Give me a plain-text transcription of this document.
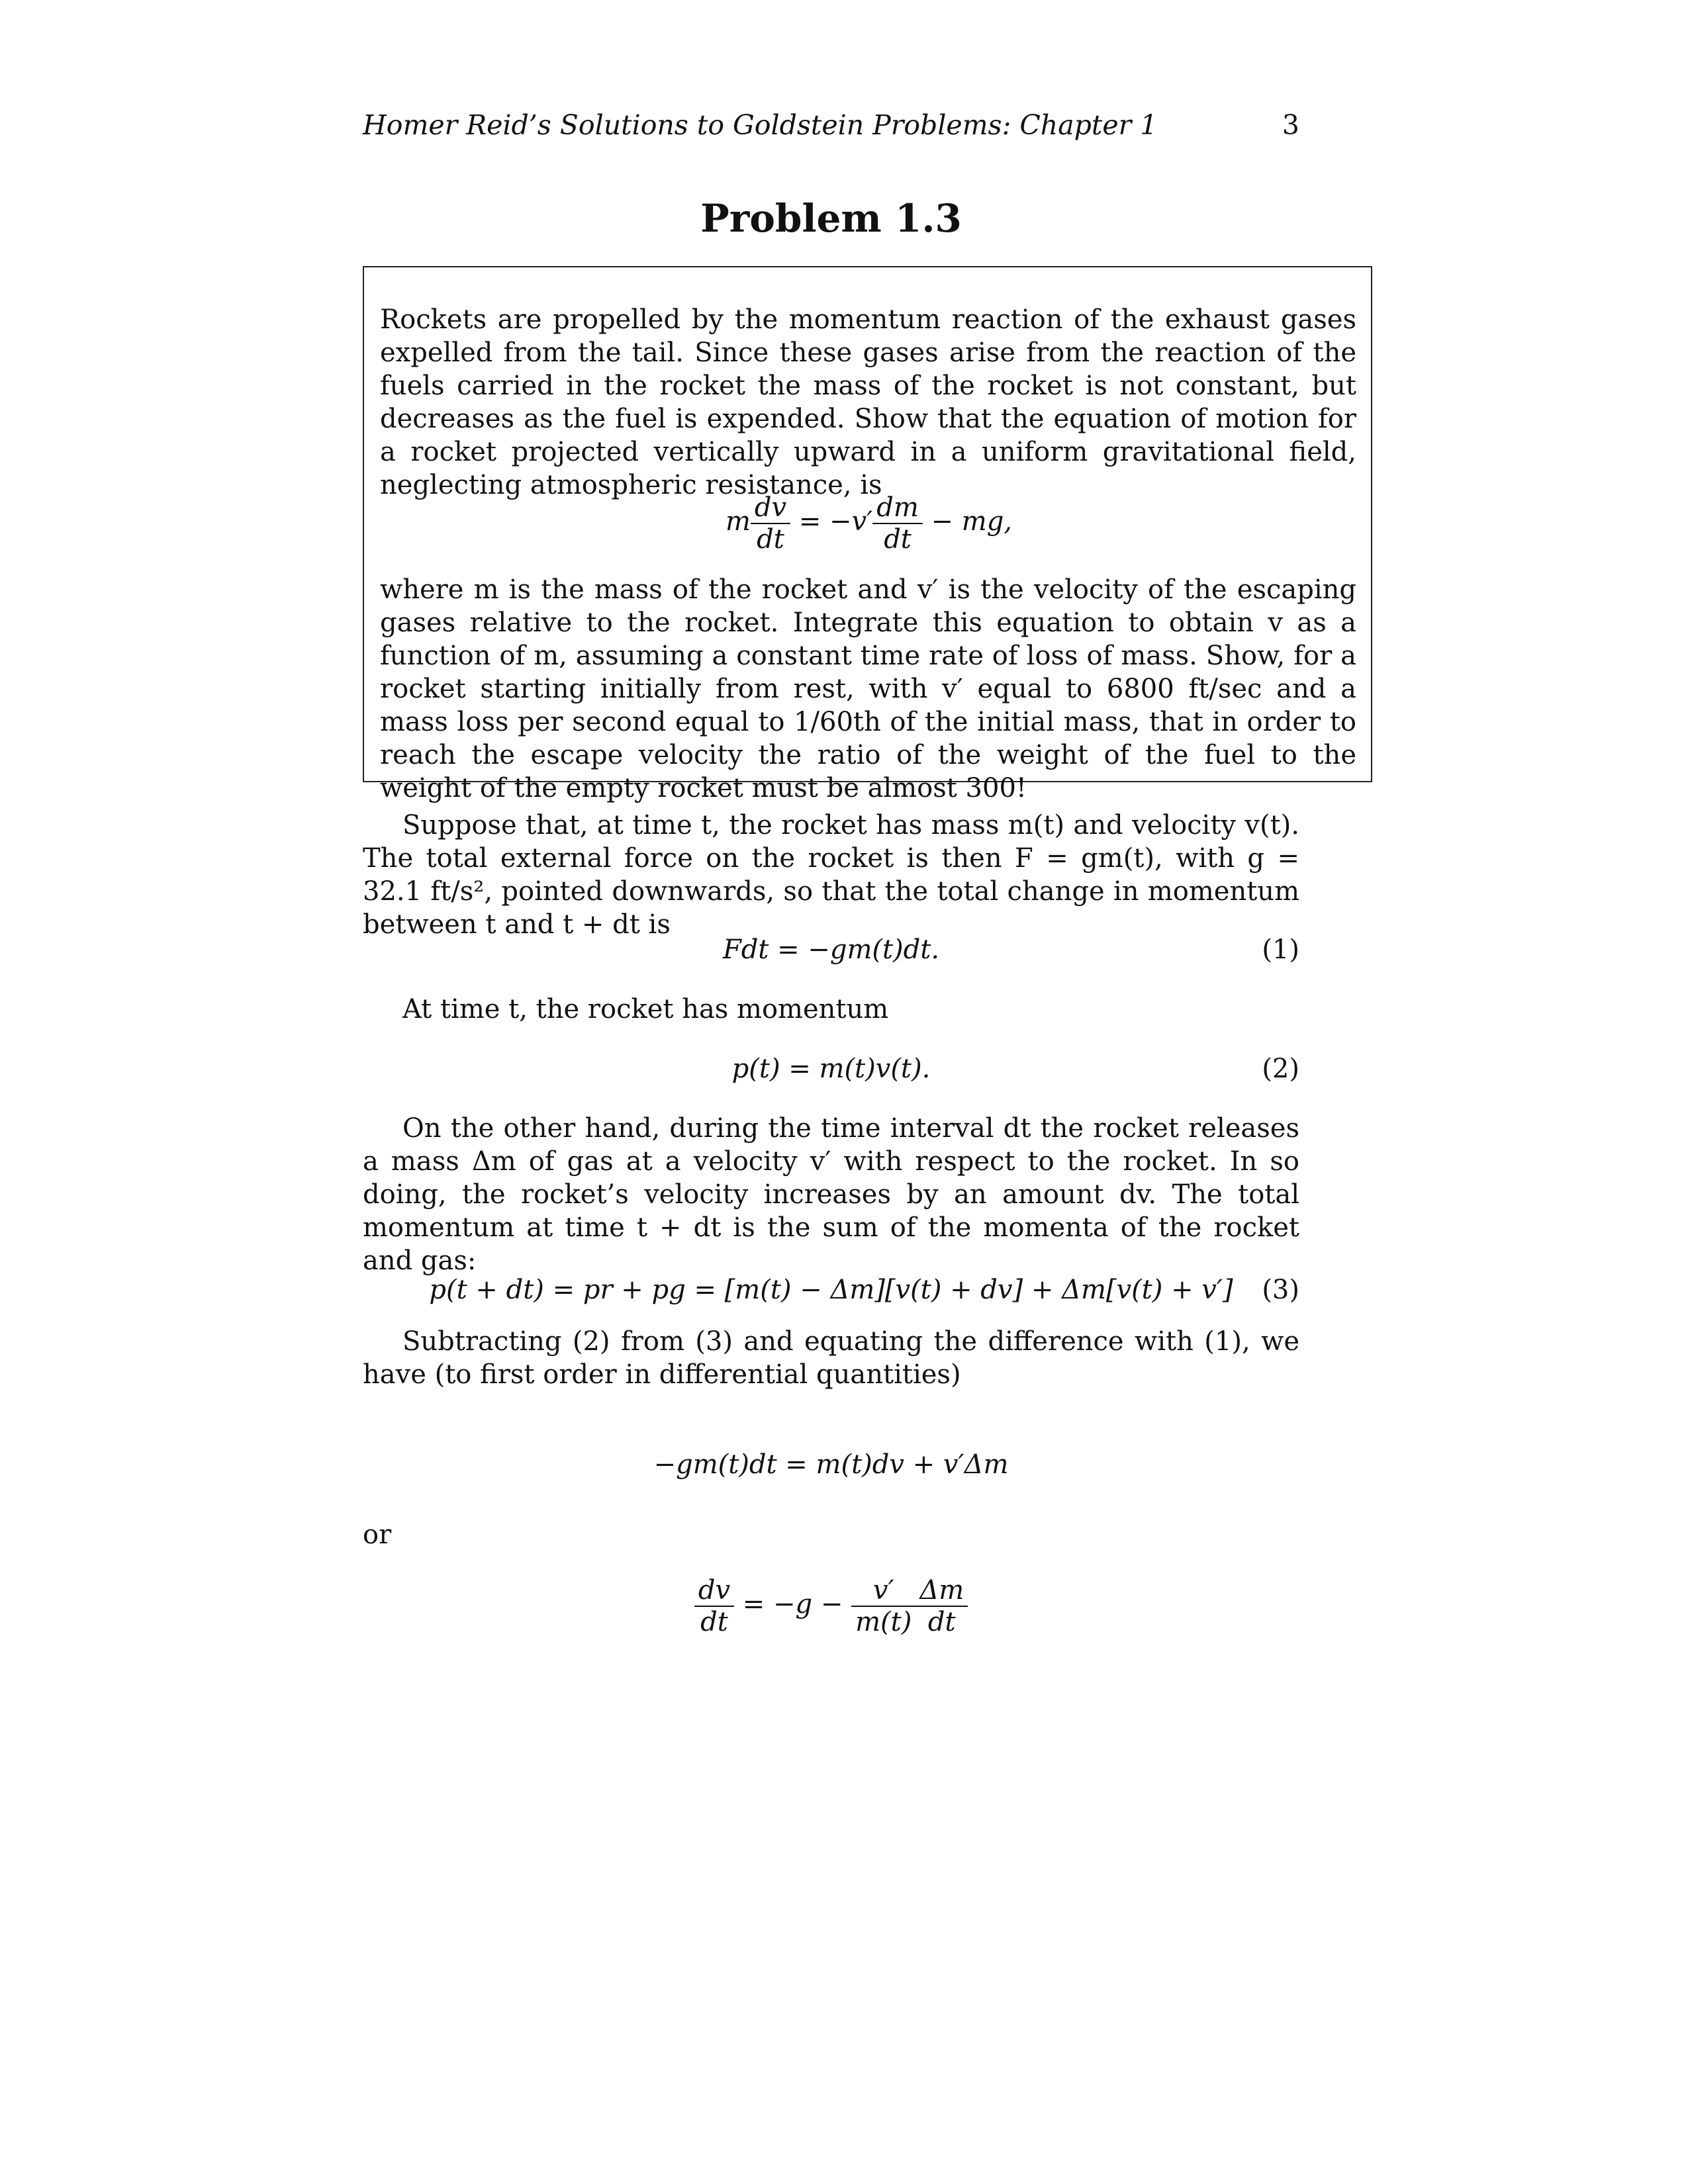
Homer Reid’s Solutions to Goldstein Problems: Chapter 1	3
Problem 1.3
Rockets are propelled by the momentum reaction of the exhaust gases expelled from the tail. Since these gases arise from the reaction of the fuels carried in the rocket the mass of the rocket is not constant, but decreases as the fuel is expended. Show that the equation of motion for a rocket projected vertically upward in a uniform gravitational field, neglecting atmospheric resistance, is
m $\frac{dv}{dt} = -v' \frac{dm}{dt}$ − mg,
where m is the mass of the rocket and v′ is the velocity of the escaping gases relative to the rocket. Integrate this equation to obtain v as a function of m, assuming a constant time rate of loss of mass. Show, for a rocket starting initially from rest, with v′ equal to 6800 ft/sec and a mass loss per second equal to 1/60th of the initial mass, that in order to reach the escape velocity the ratio of the weight of the fuel to the weight of the empty rocket must be almost 300!
Suppose that, at time t, the rocket has mass m(t) and velocity v(t). The total external force on the rocket is then F = gm(t), with g = 32.1 ft/s², pointed downwards, so that the total change in momentum between t and t + dt is
Fdt = −gm(t)dt.	(1)
At time t, the rocket has momentum
p(t) = m(t)v(t).	(2)
On the other hand, during the time interval dt the rocket releases a mass Δm of gas at a velocity v′ with respect to the rocket. In so doing, the rocket’s velocity increases by an amount dv. The total momentum at time t + dt is the sum of the momenta of the rocket and gas:
p(t + dt) = pr + pg = [m(t) − Δm][v(t) + dv] + Δm[v(t) + v′] (3)
Subtracting (2) from (3) and equating the difference with (1), we have (to first order in differential quantities)
−gm(t)dt = m(t)dv + v′Δm
or
$\frac{dv}{dt} = -g - \frac{v'}{m(t)} \frac{\Delta m}{dt}$
